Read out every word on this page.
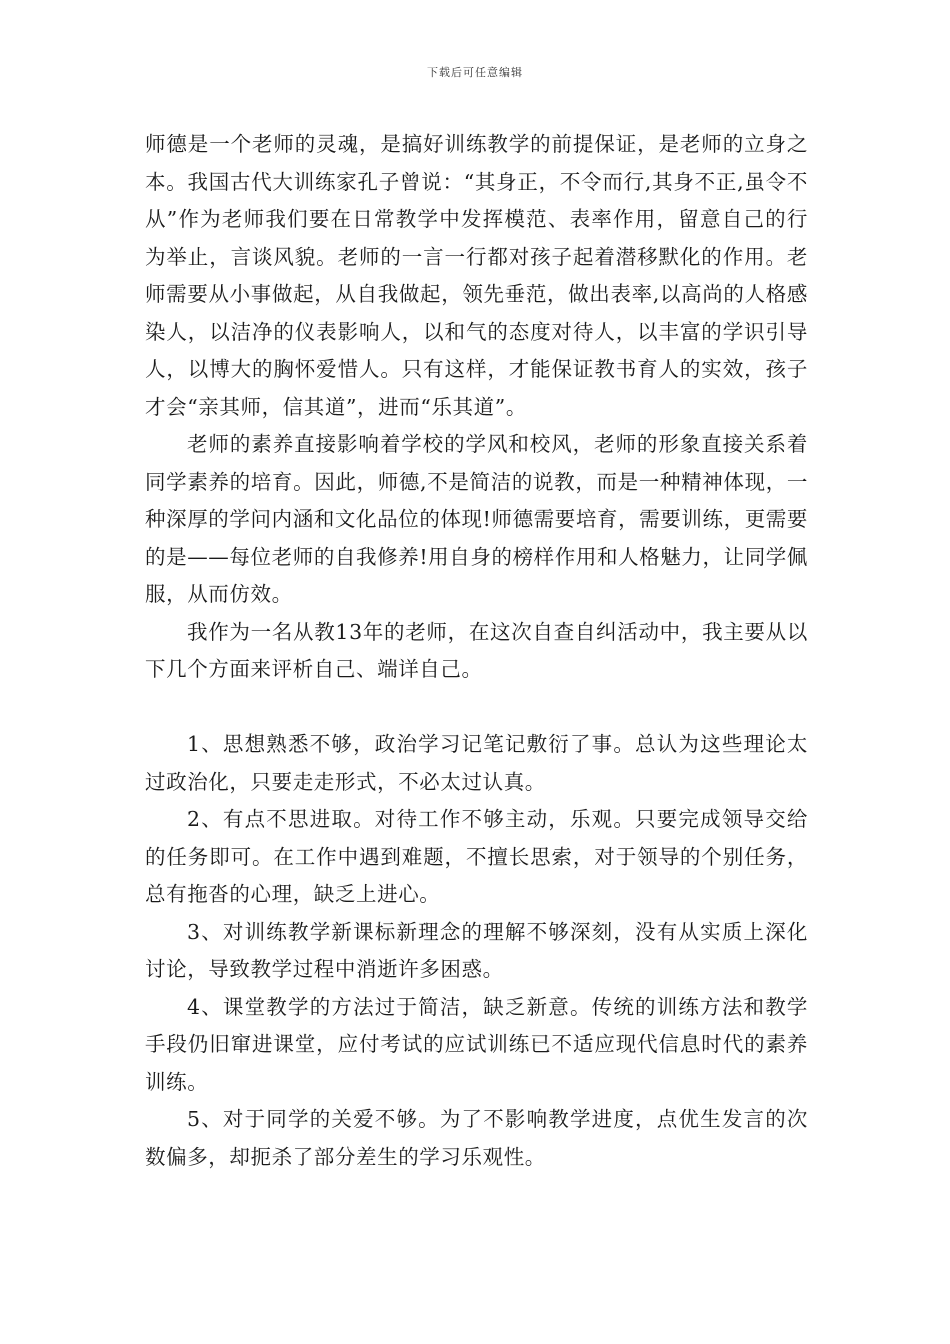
下载后可任意编辑

师德是一个老师的灵魂，是搞好训练教学的前提保证，是老师的立身之本。我国古代大训练家孔子曾说：“其身正，不令而行,其身不正,虽令不从”作为老师我们要在日常教学中发挥模范、表率作用，留意自己的行为举止，言谈风貌。老师的一言一行都对孩子起着潜移默化的作用。老师需要从小事做起，从自我做起，领先垂范，做出表率,以高尚的人格感染人，以洁净的仪表影响人，以和气的态度对待人，以丰富的学识引导人，以博大的胸怀爱惜人。只有这样，才能保证教书育人的实效，孩子才会“亲其师，信其道”，进而“乐其道”。

老师的素养直接影响着学校的学风和校风，老师的形象直接关系着同学素养的培育。因此，师德,不是简洁的说教，而是一种精神体现，一种深厚的学问内涵和文化品位的体现!师德需要培育，需要训练，更需要的是——每位老师的自我修养!用自身的榜样作用和人格魅力，让同学佩服，从而仿效。

我作为一名从教13年的老师，在这次自查自纠活动中，我主要从以下几个方面来评析自己、端详自己。

1、思想熟悉不够，政治学习记笔记敷衍了事。总认为这些理论太过政治化，只要走走形式，不必太过认真。

2、有点不思进取。对待工作不够主动，乐观。只要完成领导交给的任务即可。在工作中遇到难题，不擅长思索，对于领导的个别任务，总有拖沓的心理，缺乏上进心。

3、对训练教学新课标新理念的理解不够深刻，没有从实质上深化讨论，导致教学过程中消逝许多困惑。

4、课堂教学的方法过于简洁，缺乏新意。传统的训练方法和教学手段仍旧窜进课堂，应付考试的应试训练已不适应现代信息时代的素养训练。

5、对于同学的关爱不够。为了不影响教学进度，点优生发言的次数偏多，却扼杀了部分差生的学习乐观性。
